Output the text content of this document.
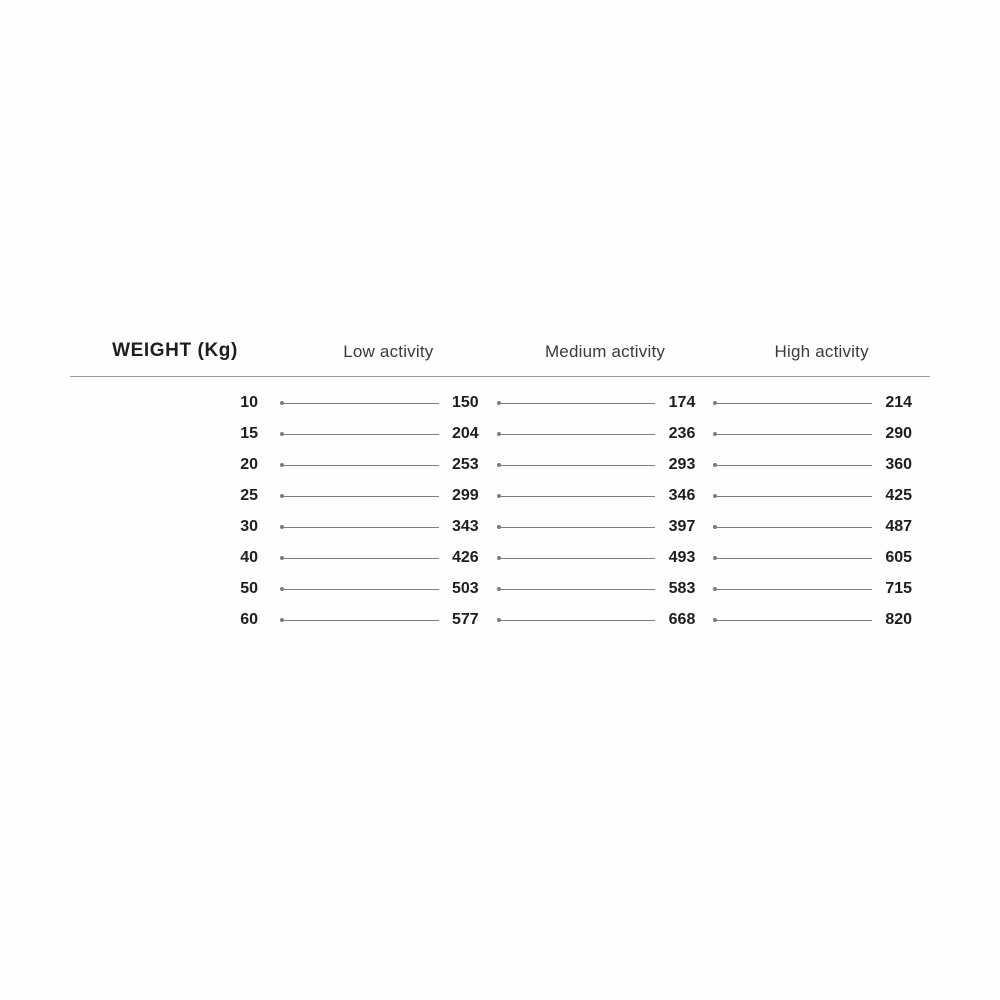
WEIGHT (Kg)	Low activity	Medium activity	High activity
10	150	174	214
15	204	236	290
20	253	293	360
25	299	346	425
30	343	397	487
40	426	493	605
50	503	583	715
60	577	668	820
